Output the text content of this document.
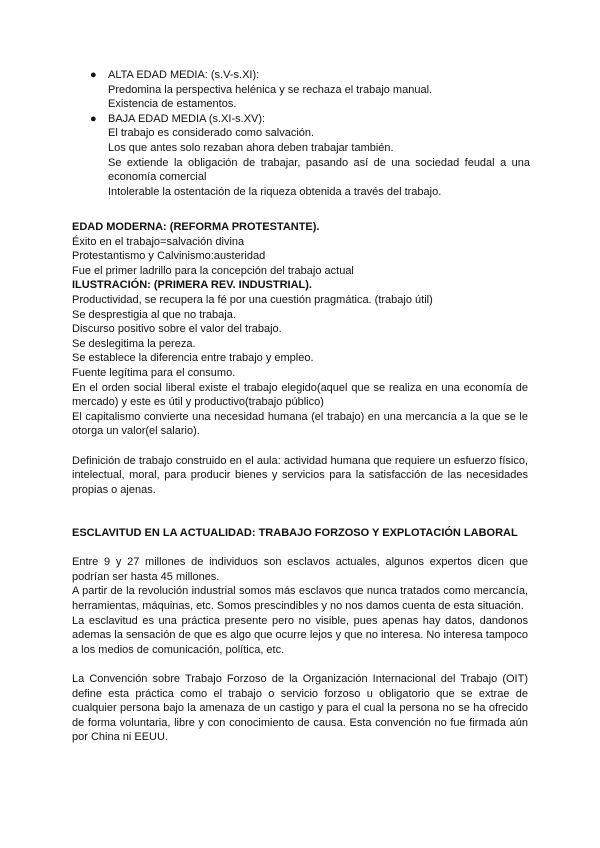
● ALTA EDAD MEDIA: (s.V-s.XI):
Predomina la perspectiva helénica y se rechaza el trabajo manual.
Existencia de estamentos.
● BAJA EDAD MEDIA (s.XI-s.XV):
El trabajo es considerado como salvación.
Los que antes solo rezaban ahora deben trabajar también.
Se extiende la obligación de trabajar, pasando así de una sociedad feudal a una economía comercial
Intolerable la ostentación de la riqueza obtenida a través del trabajo.

EDAD MODERNA: (REFORMA PROTESTANTE).

Éxito en el trabajo=salvación divina

Protestantismo y Calvinismo:austeridad

Fue el primer ladrillo para la concepción del trabajo actual

ILUSTRACIÓN: (PRIMERA REV. INDUSTRIAL).

Productividad, se recupera la fé por una cuestión pragmática. (trabajo útil)

Se desprestigia al que no trabaja.

Discurso positivo sobre el valor del trabajo.

Se deslegitima la pereza.

Se establece la diferencia entre trabajo y empleo.

Fuente legítima para el consumo.

En el orden social liberal existe el trabajo elegido(aquel que se realiza en una economía de mercado) y este es útil y productivo(trabajo público)

El capitalismo convierte una necesidad humana (el trabajo) en una mercancía a la que se le otorga un valor(el salario).

Definición de trabajo construido en el aula: actividad humana que requiere un esfuerzo físico, intelectual, moral, para producir bienes y servicios para la satisfacción de las necesidades propias o ajenas.

ESCLAVITUD EN LA ACTUALIDAD: TRABAJO FORZOSO Y EXPLOTACIÓN LABORAL

Entre 9 y 27 millones de individuos son esclavos actuales, algunos expertos dicen que podrían ser hasta 45 millones.

A partir de la revolución industrial somos más esclavos que nunca tratados como mercancía, herramientas, máquinas, etc. Somos prescindibles y no nos damos cuenta de esta situación.

La esclavitud es una práctica presente pero no visible, pues apenas hay datos, dandonos ademas la sensación de que es algo que ocurre lejos y que no interesa. No interesa tampoco a los medios de comunicación, política, etc.

La Convención sobre Trabajo Forzoso de la Organización Internacional del Trabajo (OIT) define esta práctica como el trabajo o servicio forzoso u obligatorio que se extrae de cualquier persona bajo la amenaza de un castigo y para el cual la persona no se ha ofrecido de forma voluntaria, libre y con conocimiento de causa. Esta convención no fue firmada aún por China ni EEUU.
